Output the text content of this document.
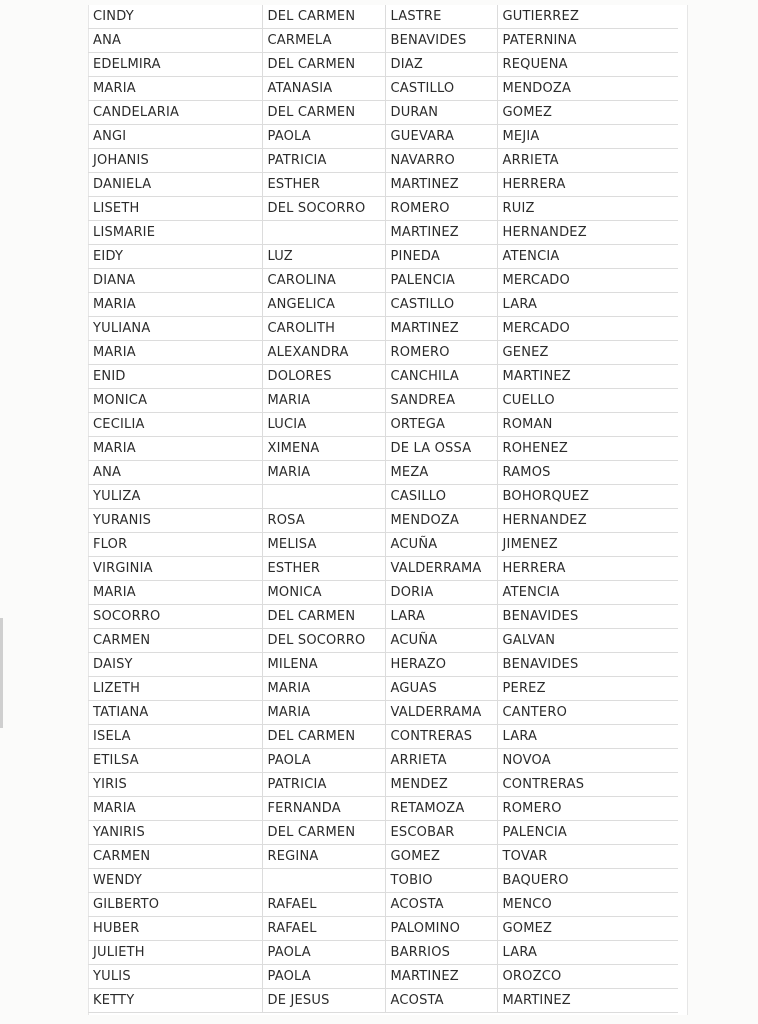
CINDY	DEL CARMEN	LASTRE	GUTIERREZ
ANA	CARMELA	BENAVIDES	PATERNINA
EDELMIRA	DEL CARMEN	DIAZ	REQUENA
MARIA	ATANASIA	CASTILLO	MENDOZA
CANDELARIA	DEL CARMEN	DURAN	GOMEZ
ANGI	PAOLA	GUEVARA	MEJIA
JOHANIS	PATRICIA	NAVARRO	ARRIETA
DANIELA	ESTHER	MARTINEZ	HERRERA
LISETH	DEL SOCORRO	ROMERO	RUIZ
LISMARIE		MARTINEZ	HERNANDEZ
EIDY	LUZ	PINEDA	ATENCIA
DIANA	CAROLINA	PALENCIA	MERCADO
MARIA	ANGELICA	CASTILLO	LARA
YULIANA	CAROLITH	MARTINEZ	MERCADO
MARIA	ALEXANDRA	ROMERO	GENEZ
ENID	DOLORES	CANCHILA	MARTINEZ
MONICA	MARIA	SANDREA	CUELLO
CECILIA	LUCIA	ORTEGA	ROMAN
MARIA	XIMENA	DE LA OSSA	ROHENEZ
ANA	MARIA	MEZA	RAMOS
YULIZA		CASILLO	BOHORQUEZ
YURANIS	ROSA	MENDOZA	HERNANDEZ
FLOR	MELISA	ACUÑA	JIMENEZ
VIRGINIA	ESTHER	VALDERRAMA	HERRERA
MARIA	MONICA	DORIA	ATENCIA
SOCORRO	DEL CARMEN	LARA	BENAVIDES
CARMEN	DEL SOCORRO	ACUÑA	GALVAN
DAISY	MILENA	HERAZO	BENAVIDES
LIZETH	MARIA	AGUAS	PEREZ
TATIANA	MARIA	VALDERRAMA	CANTERO
ISELA	DEL CARMEN	CONTRERAS	LARA
ETILSA	PAOLA	ARRIETA	NOVOA
YIRIS	PATRICIA	MENDEZ	CONTRERAS
MARIA	FERNANDA	RETAMOZA	ROMERO
YANIRIS	DEL CARMEN	ESCOBAR	PALENCIA
CARMEN	REGINA	GOMEZ	TOVAR
WENDY		TOBIO	BAQUERO
GILBERTO	RAFAEL	ACOSTA	MENCO
HUBER	RAFAEL	PALOMINO	GOMEZ
JULIETH	PAOLA	BARRIOS	LARA
YULIS	PAOLA	MARTINEZ	OROZCO
KETTY	DE JESUS	ACOSTA	MARTINEZ
